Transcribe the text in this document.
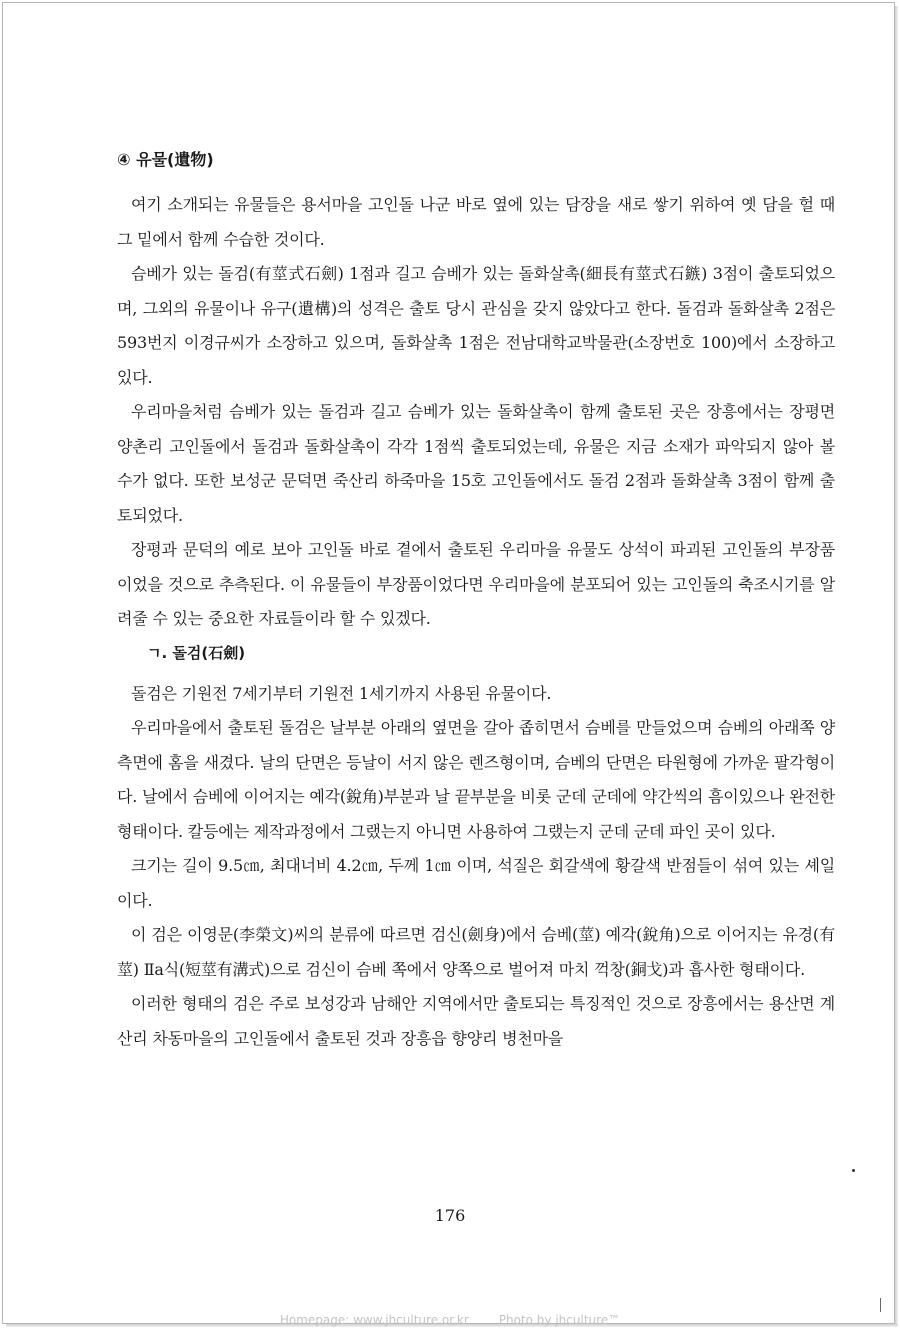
④ 유물(遺物)

여기 소개되는 유물들은 용서마을 고인돌 나군 바로 옆에 있는 담장을 새로 쌓기 위하여 옛 담을 헐 때 그 밑에서 함께 수습한 것이다.

슴베가 있는 돌검(有莖式石劍) 1점과 길고 슴베가 있는 돌화살촉(細長有莖式石鏃) 3점이 출토되었으며, 그외의 유물이나 유구(遺構)의 성격은 출토 당시 관심을 갖지 않았다고 한다. 돌검과 돌화살촉 2점은 593번지 이경규씨가 소장하고 있으며, 돌화살촉 1점은 전남대학교박물관(소장번호 100)에서 소장하고 있다.

우리마을처럼 슴베가 있는 돌검과 길고 슴베가 있는 돌화살촉이 함께 출토된 곳은 장흥에서는 장평면 양촌리 고인돌에서 돌검과 돌화살촉이 각각 1점씩 출토되었는데, 유물은 지금 소재가 파악되지 않아 볼 수가 없다. 또한 보성군 문덕면 죽산리 하죽마을 15호 고인돌에서도 돌검 2점과 돌화살촉 3점이 함께 출토되었다.

장평과 문덕의 예로 보아 고인돌 바로 곁에서 출토된 우리마을 유물도 상석이 파괴된 고인돌의 부장품이었을 것으로 추측된다. 이 유물들이 부장품이었다면 우리마을에 분포되어 있는 고인돌의 축조시기를 알려줄 수 있는 중요한 자료들이라 할 수 있겠다.

ㄱ. 돌검(石劍)

돌검은 기원전 7세기부터 기원전 1세기까지 사용된 유물이다.

우리마을에서 출토된 돌검은 날부분 아래의 옆면을 갈아 좁히면서 슴베를 만들었으며 슴베의 아래쪽 양측면에 홈을 새겼다. 날의 단면은 등날이 서지 않은 렌즈형이며, 슴베의 단면은 타원형에 가까운 팔각형이다. 날에서 슴베에 이어지는 예각(銳角)부분과 날 끝부분을 비롯 군데 군데에 약간씩의 흠이있으나 완전한 형태이다. 칼등에는 제작과정에서 그랬는지 아니면 사용하여 그랬는지 군데 군데 파인 곳이 있다.

크기는 길이 9.5㎝, 최대너비 4.2㎝, 두께 1㎝ 이며, 석질은 회갈색에 황갈색 반점들이 섞여 있는 셰일이다.

이 검은 이영문(李榮文)씨의 분류에 따르면 검신(劍身)에서 슴베(莖) 예각(銳角)으로 이어지는 유경(有莖) Ⅱa식(短莖有溝式)으로 검신이 슴베 쪽에서 양쪽으로 벌어져 마치 꺽창(銅戈)과 흡사한 형태이다.

이러한 형태의 검은 주로 보성강과 남해안 지역에서만 출토되는 특징적인 것으로 장흥에서는 용산면 계산리 차동마을의 고인돌에서 출토된 것과 장흥읍 향양리 병천마을

176
Homepage: www.jhculture.or.kr	Photo by jhculture™
